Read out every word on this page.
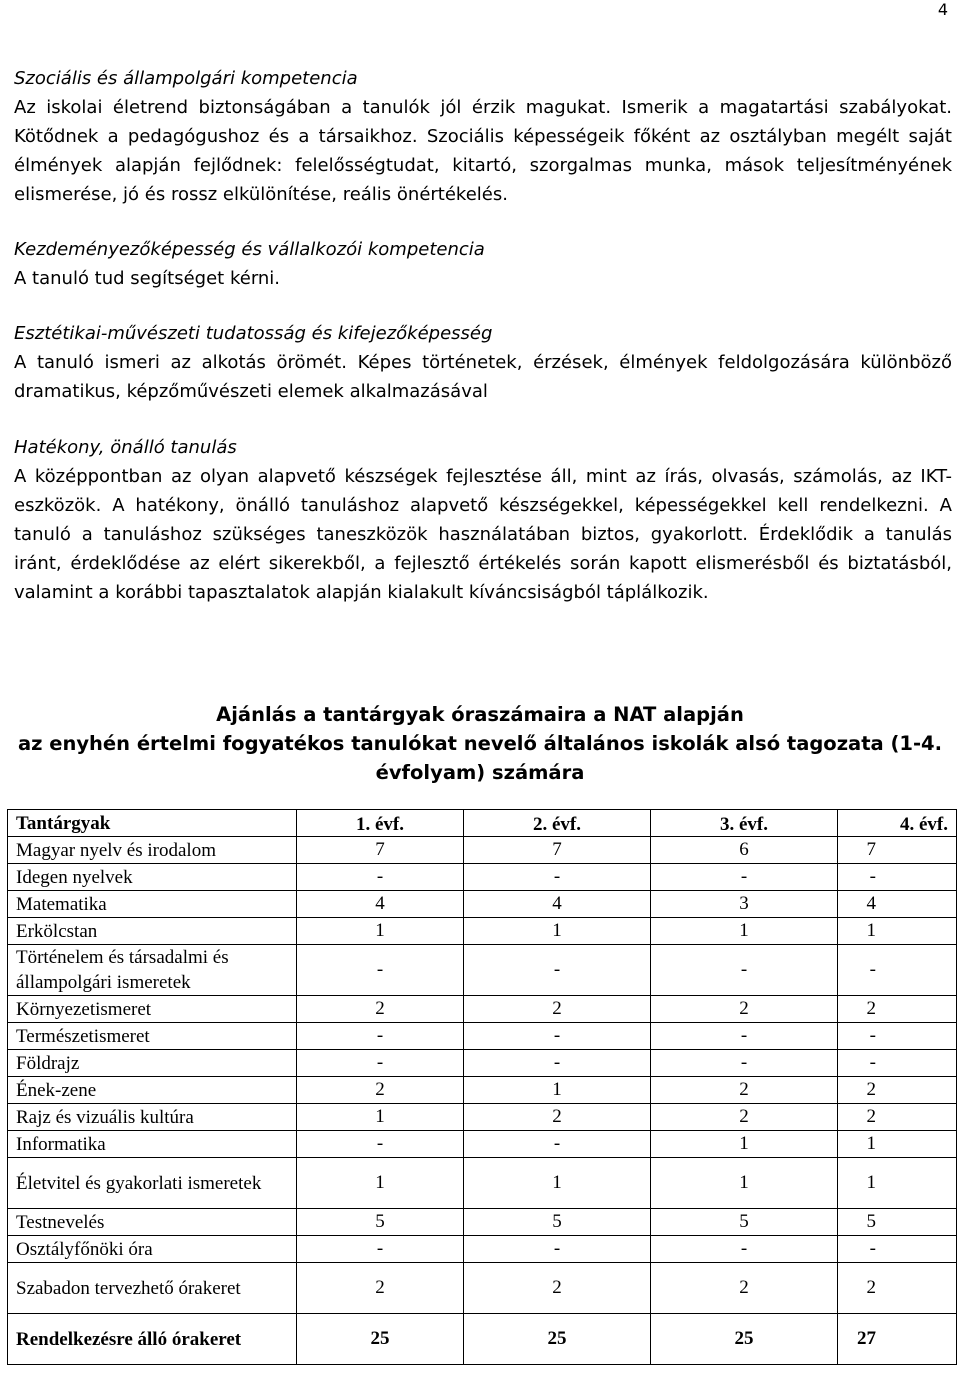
4
Szociális és állampolgári kompetencia

Az iskolai életrend biztonságában a tanulók jól érzik magukat. Ismerik a magatartási szabályokat. Kötődnek a pedagógushoz és a társaikhoz. Szociális képességeik főként az osztályban megélt saját élmények alapján fejlődnek: felelősségtudat, kitartó, szorgalmas munka, mások teljesítményének elismerése, jó és rossz elkülönítése, reális önértékelés.

Kezdeményezőképesség és vállalkozói kompetencia

A tanuló tud segítséget kérni.

Esztétikai-művészeti tudatosság és kifejezőképesség

A tanuló ismeri az alkotás örömét. Képes történetek, érzések, élmények feldolgozására különböző dramatikus, képzőművészeti elemek alkalmazásával

Hatékony, önálló tanulás

A középpontban az olyan alapvető készségek fejlesztése áll, mint az írás, olvasás, számolás, az IKT-eszközök. A hatékony, önálló tanuláshoz alapvető készségekkel, képességekkel kell rendelkezni. A tanuló a tanuláshoz szükséges taneszközök használatában biztos, gyakorlott. Érdeklődik a tanulás iránt, érdeklődése az elért sikerekből, a fejlesztő értékelés során kapott elismerésből és biztatásból, valamint a korábbi tapasztalatok alapján kialakult kíváncsiságból táplálkozik.

Ajánlás a tantárgyak óraszámaira a NAT alapján
az enyhén értelmi fogyatékos tanulókat nevelő általános iskolák alsó tagozata (1-4. évfolyam) számára
Tantárgyak	1. évf.	2. évf.	3. évf.	4. évf.
Magyar nyelv és irodalom	7	7	6	7
Idegen nyelvek	-	-	-	-
Matematika	4	4	3	4
Erkölcstan	1	1	1	1
Történelem és társadalmi és állampolgári ismeretek	-	-	-	-
Környezetismeret	2	2	2	2
Természetismeret	-	-	-	-
Földrajz	-	-	-	-
Ének-zene	2	1	2	2
Rajz és vizuális kultúra	1	2	2	2
Informatika	-	-	1	1
Életvitel és gyakorlati ismeretek	1	1	1	1
Testnevelés	5	5	5	5
Osztályfőnöki óra	-	-	-	-
Szabadon tervezhető órakeret	2	2	2	2
Rendelkezésre álló órakeret	25	25	25	27
